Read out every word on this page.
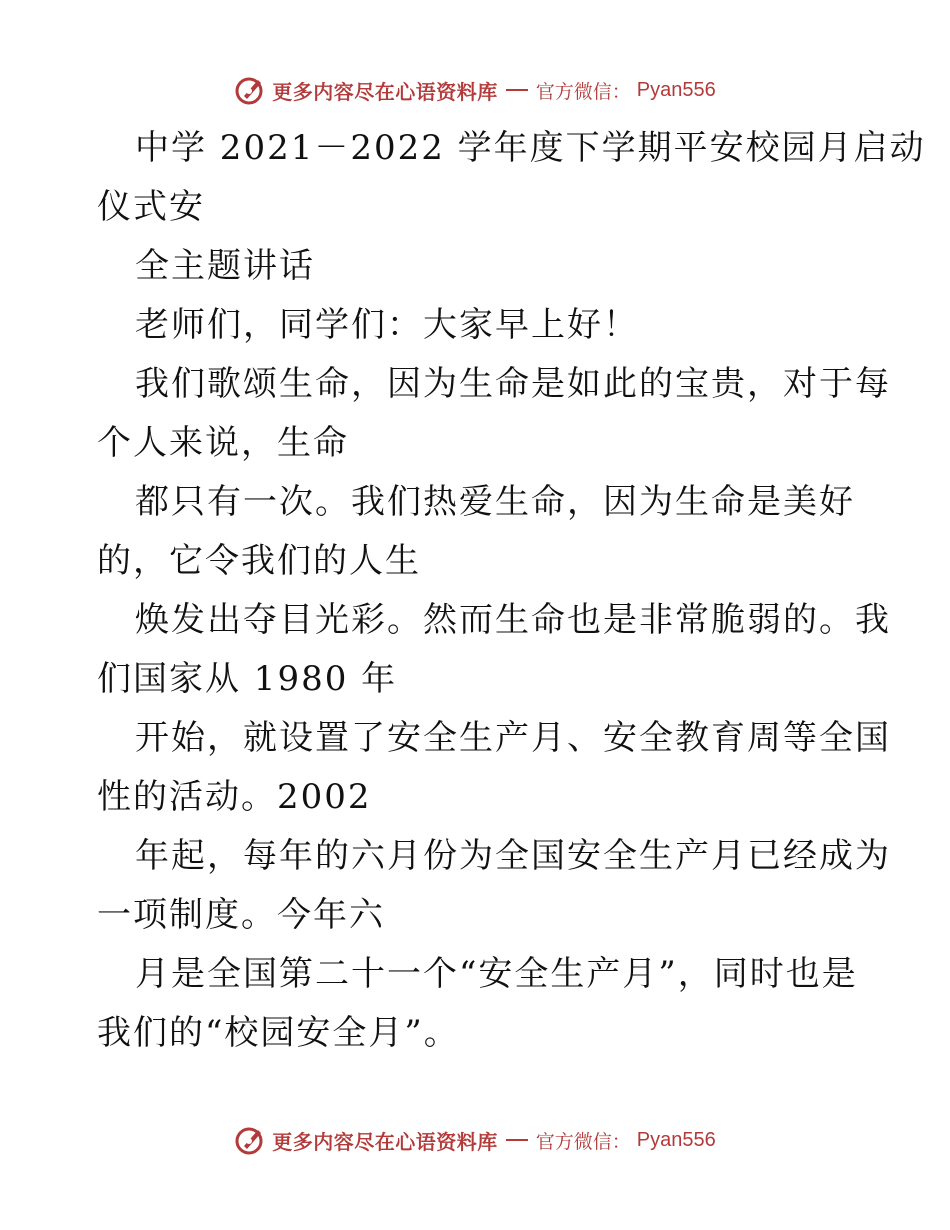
更多内容尽在心语资料库 官方微信： Pyan556
中学 2021－2022 学年度下学期平安校园月启动
仪式安
全主题讲话
老师们，同学们：大家早上好！
我们歌颂生命，因为生命是如此的宝贵，对于每
个人来说，生命
都只有一次。我们热爱生命，因为生命是美好
的，它令我们的人生
焕发出夺目光彩。然而生命也是非常脆弱的。我
们国家从 1980 年
开始，就设置了安全生产月、安全教育周等全国
性的活动。2002
年起，每年的六月份为全国安全生产月已经成为
一项制度。今年六
月是全国第二十一个“安全生产月”，同时也是
我们的“校园安全月”。
更多内容尽在心语资料库 官方微信： Pyan556
